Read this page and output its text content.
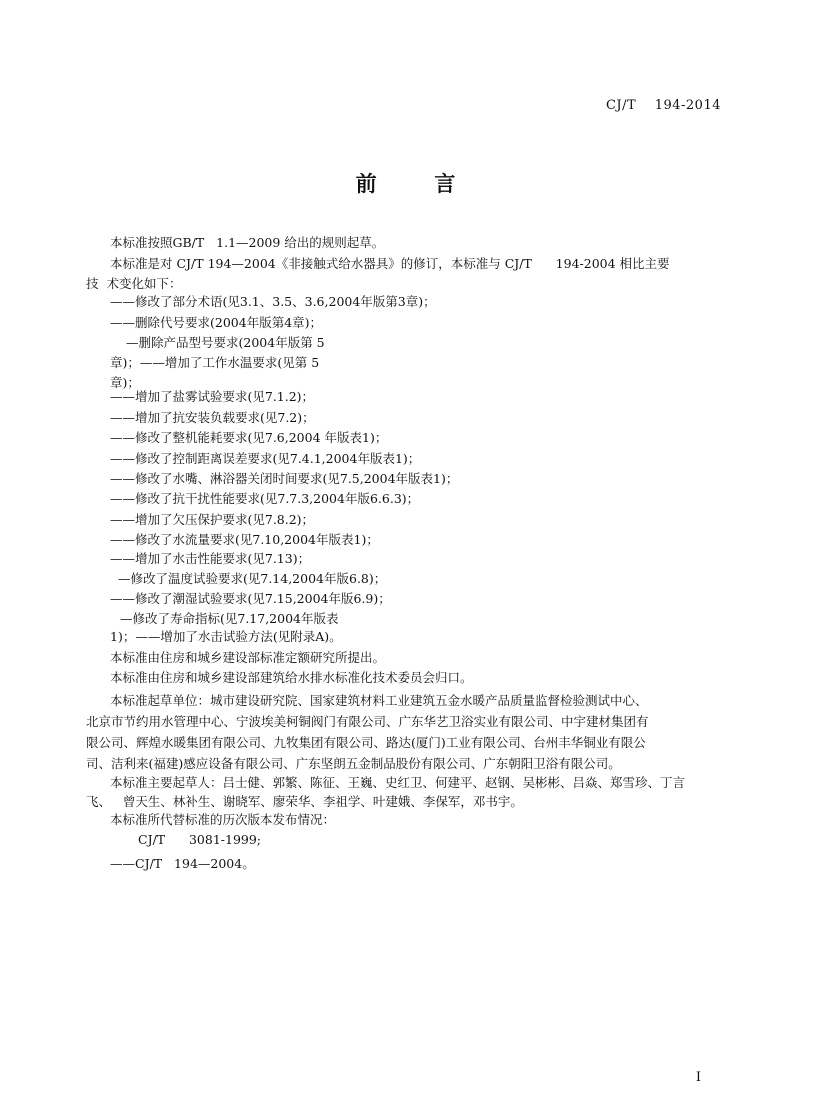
CJ/T    194-2014
前      言
本标准按照GB/T   1.1—2009 给出的规则起草。
本标准是对 CJ/T 194—2004《非接触式给水器具》的修订，本标准与 CJ/T      194-2004 相比主要
技  术变化如下：
——修改了部分术语(见3.1、3.5、3.6,2004年版第3章)；
——删除代号要求(2004年版第4章)；
—删除产品型号要求(2004年版第 5
章)；——增加了工作水温要求(见第 5
章)；
——增加了盐雾试验要求(见7.1.2)；
——增加了抗安装负载要求(见7.2)；
——修改了整机能耗要求(见7.6,2004 年版表1)；
——修改了控制距离误差要求(见7.4.1,2004年版表1)；
——修改了水嘴、淋浴器关闭时间要求(见7.5,2004年版表1)；
——修改了抗干扰性能要求(见7.7.3,2004年版6.6.3)；
——增加了欠压保护要求(见7.8.2)；
——修改了水流量要求(见7.10,2004年版表1)；
——增加了水击性能要求(见7.13)；
—修改了温度试验要求(见7.14,2004年版6.8)；
——修改了潮湿试验要求(见7.15,2004年版6.9)；
—修改了寿命指标(见7.17,2004年版表
1)；——增加了水击试验方法(见附录A)。
本标准由住房和城乡建设部标准定额研究所提出。
本标准由住房和城乡建设部建筑给水排水标准化技术委员会归口。
本标准起草单位：城市建设研究院、国家建筑材料工业建筑五金水暖产品质量监督检验测试中心、
北京市节约用水管理中心、宁波埃美柯铜阀门有限公司、广东华艺卫浴实业有限公司、中宇建材集团有
限公司、辉煌水暖集团有限公司、九牧集团有限公司、路达(厦门)工业有限公司、台州丰华铜业有限公
司、洁利来(福建)感应设备有限公司、广东坚朗五金制品股份有限公司、广东朝阳卫浴有限公司。
本标准主要起草人：吕士健、郭繁、陈征、王巍、史红卫、何建平、赵钢、吴彬彬、吕焱、郑雪珍、丁言
飞、   曾天生、林补生、谢晓军、廖荣华、李祖学、叶建娥、李保军，邓书宇。
本标准所代替标准的历次版本发布情况：
CJ/T      3081-1999;
——CJ/T   194—2004。
I
